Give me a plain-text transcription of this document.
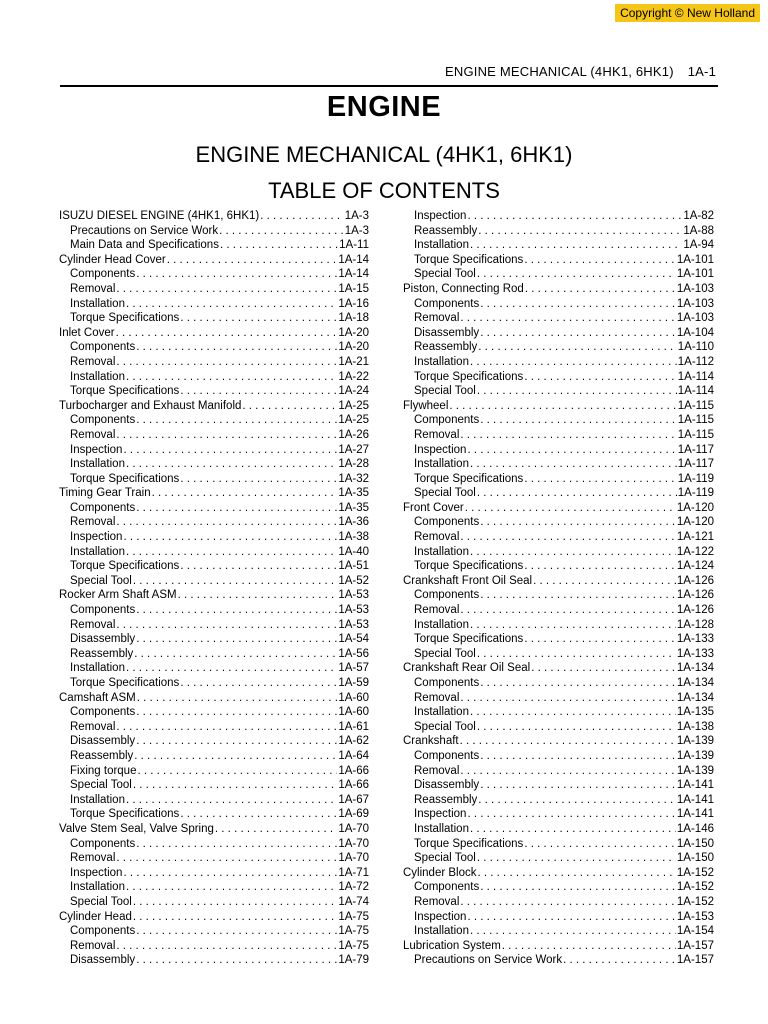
Copyright © New Holland
ENGINE MECHANICAL (4HK1, 6HK1) 1A-1
ENGINE
ENGINE MECHANICAL (4HK1, 6HK1)
TABLE OF CONTENTS
ISUZU DIESEL ENGINE (4HK1, 6HK1) . . .	1A-3
Precautions on Service Work . . .	1A-3
Main Data and Specifications . . .	1A-11
Cylinder Head Cover . . .	1A-14
Components . . .	1A-14
Removal . . .	1A-15
Installation . . .	1A-16
Torque Specifications . . .	1A-18
Inlet Cover . . .	1A-20
Components . . .	1A-20
Removal . . .	1A-21
Installation . . .	1A-22
Torque Specifications . . .	1A-24
Turbocharger and Exhaust Manifold . . .	1A-25
Components . . .	1A-25
Removal . . .	1A-26
Inspection . . .	1A-27
Installation . . .	1A-28
Torque Specifications . . .	1A-32
Timing Gear Train . . .	1A-35
Components . . .	1A-35
Removal . . .	1A-36
Inspection . . .	1A-38
Installation . . .	1A-40
Torque Specifications . . .	1A-51
Special Tool . . .	1A-52
Rocker Arm Shaft ASM . . .	1A-53
Components . . .	1A-53
Removal . . .	1A-53
Disassembly . . .	1A-54
Reassembly . . .	1A-56
Installation . . .	1A-57
Torque Specifications . . .	1A-59
Camshaft ASM . . .	1A-60
Components . . .	1A-60
Removal . . .	1A-61
Disassembly . . .	1A-62
Reassembly . . .	1A-64
Fixing torque . . .	1A-66
Special Tool . . .	1A-66
Installation . . .	1A-67
Torque Specifications . . .	1A-69
Valve Stem Seal, Valve Spring . . .	1A-70
Components . . .	1A-70
Removal . . .	1A-70
Inspection . . .	1A-71
Installation . . .	1A-72
Special Tool . . .	1A-74
Cylinder Head . . .	1A-75
Components . . .	1A-75
Removal . . .	1A-75
Disassembly . . .	1A-79
Inspection . . .	1A-82
Reassembly . . .	1A-88
Installation . . .	1A-94
Torque Specifications . . .	1A-101
Special Tool . . .	1A-101
Piston, Connecting Rod . . .	1A-103
Components . . .	1A-103
Removal . . .	1A-103
Disassembly . . .	1A-104
Reassembly . . .	1A-110
Installation . . .	1A-112
Torque Specifications . . .	1A-114
Special Tool . . .	1A-114
Flywheel . . .	1A-115
Components . . .	1A-115
Removal . . .	1A-115
Inspection . . .	1A-117
Installation . . .	1A-117
Torque Specifications . . .	1A-119
Special Tool . . .	1A-119
Front Cover . . .	1A-120
Components . . .	1A-120
Removal . . .	1A-121
Installation . . .	1A-122
Torque Specifications . . .	1A-124
Crankshaft Front Oil Seal . . .	1A-126
Components . . .	1A-126
Removal . . .	1A-126
Installation . . .	1A-128
Torque Specifications . . .	1A-133
Special Tool . . .	1A-133
Crankshaft Rear Oil Seal . . .	1A-134
Components . . .	1A-134
Removal . . .	1A-134
Installation . . .	1A-135
Special Tool . . .	1A-138
Crankshaft . . .	1A-139
Components . . .	1A-139
Removal . . .	1A-139
Disassembly . . .	1A-141
Reassembly . . .	1A-141
Inspection . . .	1A-141
Installation . . .	1A-146
Torque Specifications . . .	1A-150
Special Tool . . .	1A-150
Cylinder Block . . .	1A-152
Components . . .	1A-152
Removal . . .	1A-152
Inspection . . .	1A-153
Installation . . .	1A-154
Lubrication System . . .	1A-157
Precautions on Service Work . . .	1A-157
